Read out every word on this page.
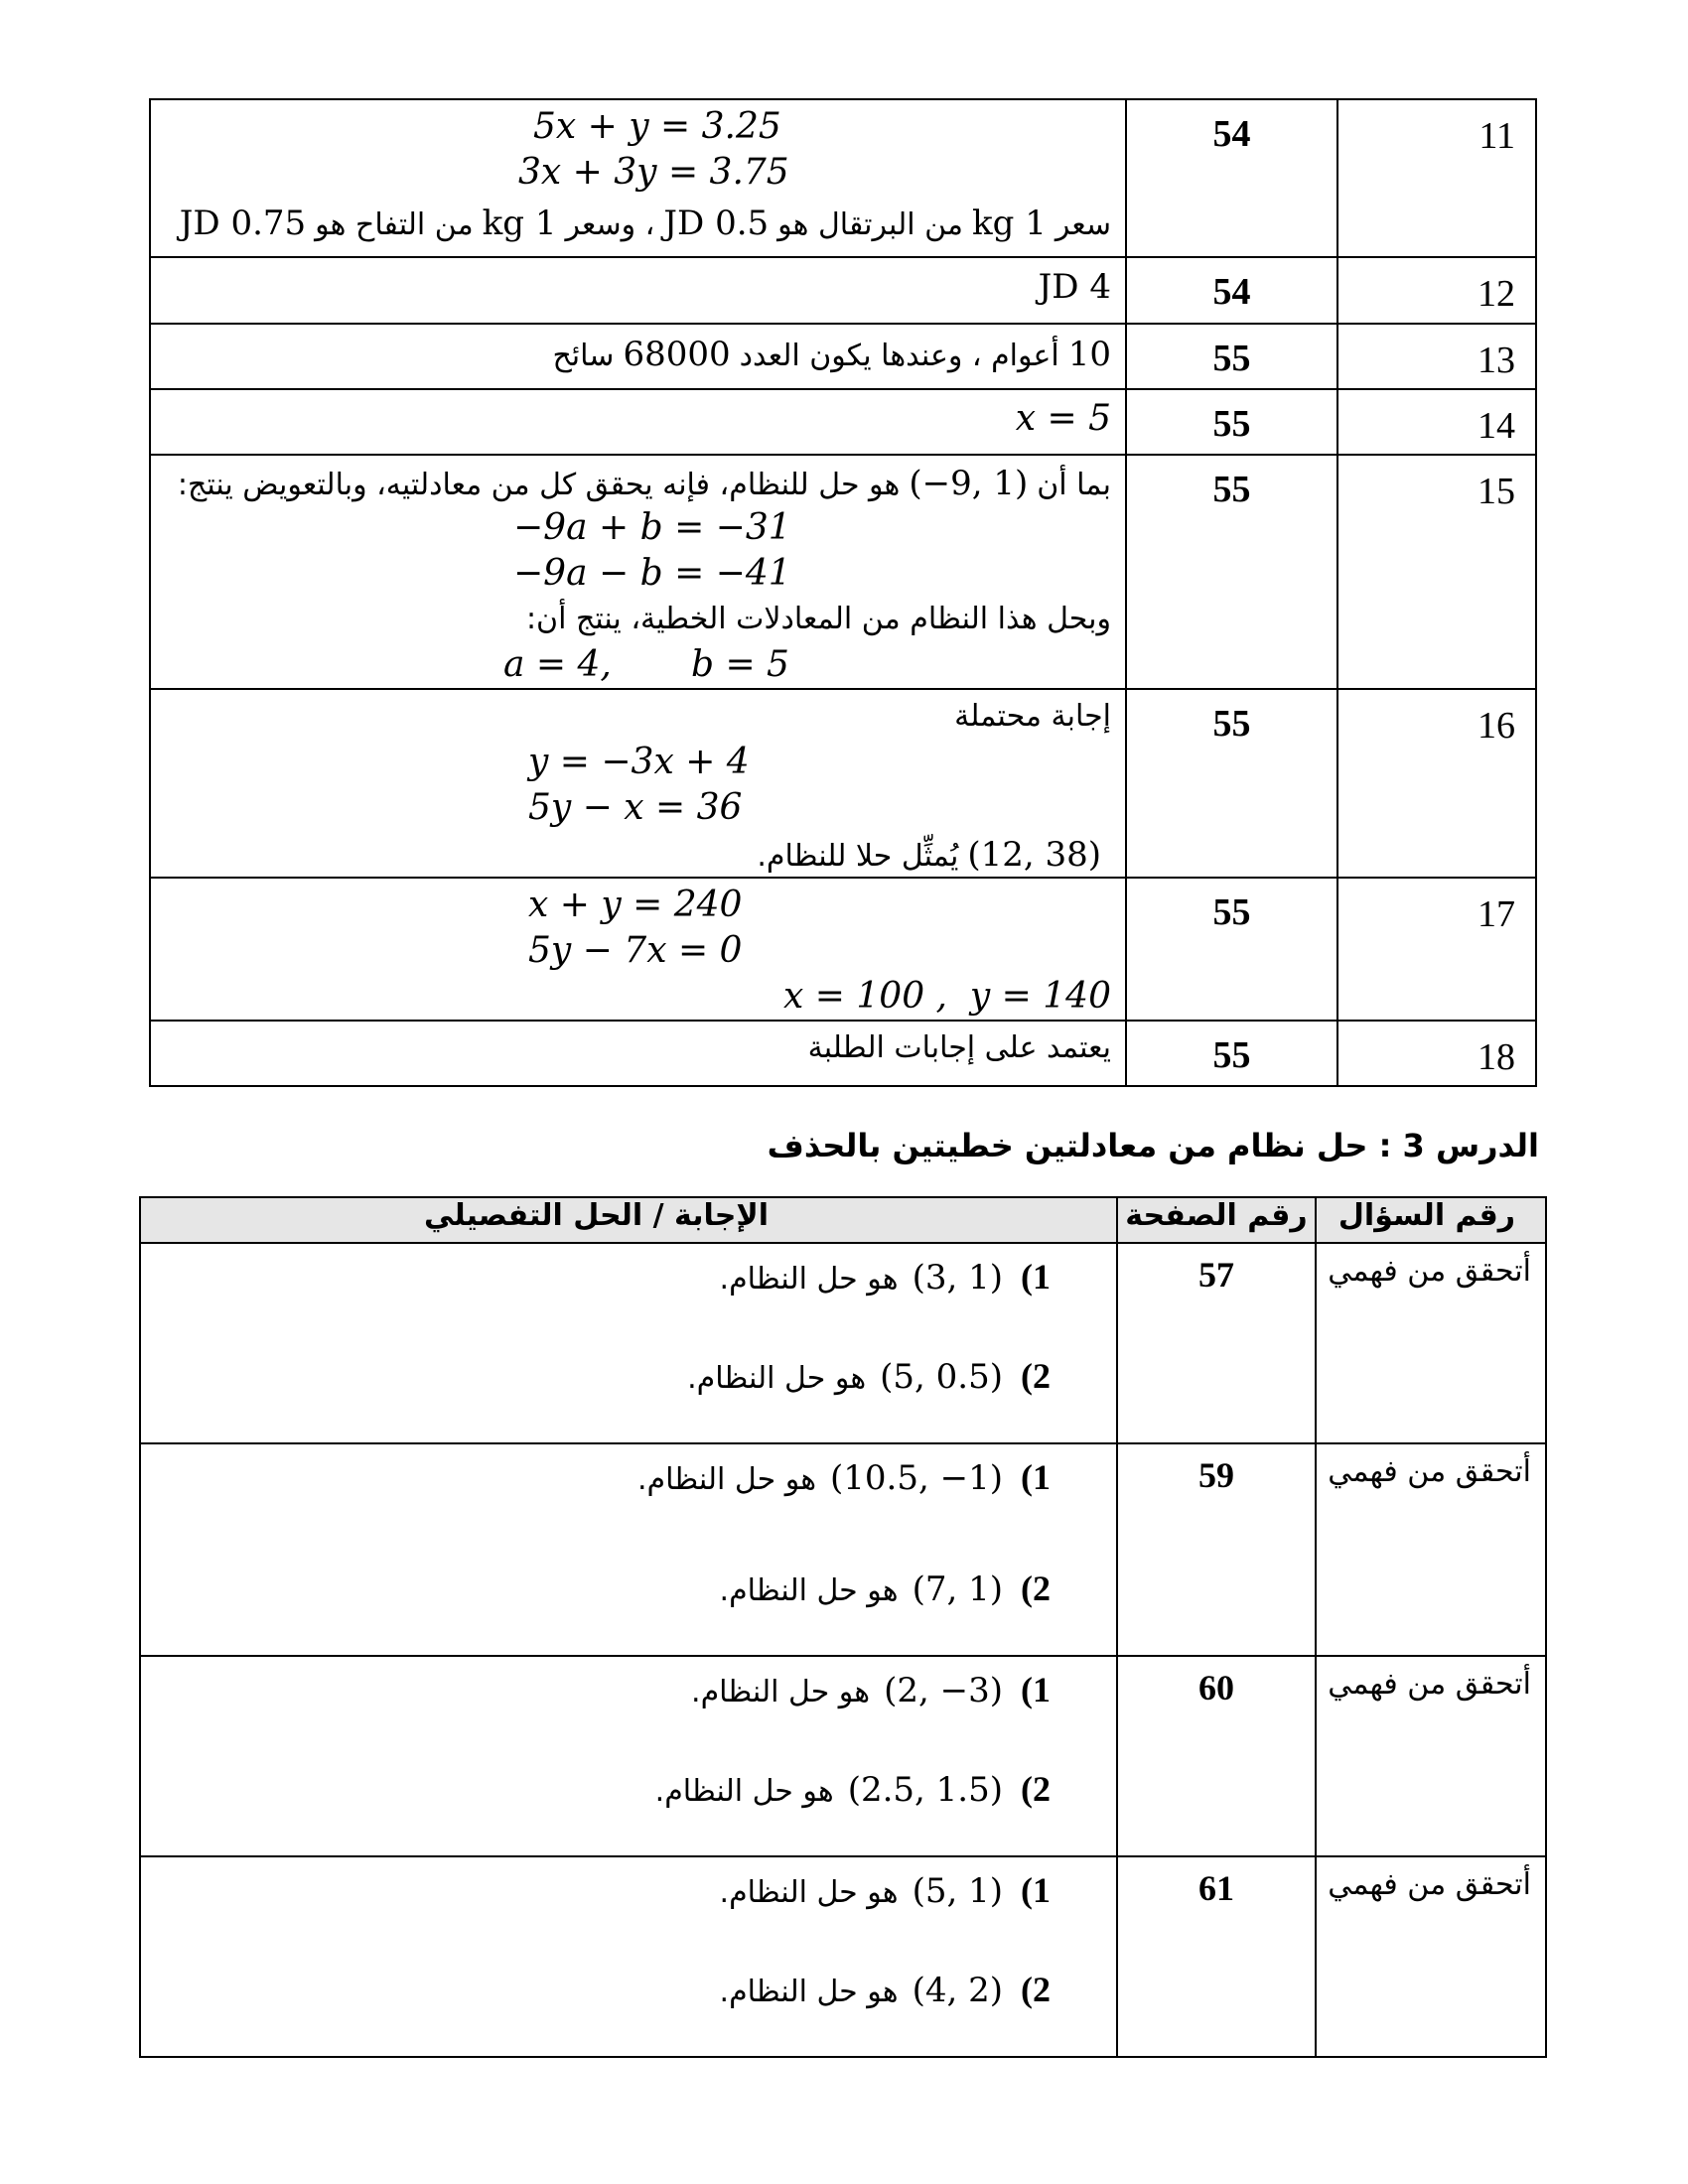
11	54	5x + y = 3.25
3x + 3y = 3.75
سعر 1 kg من البرتقال هو 0.5 JD ، وسعر 1 kg من التفاح هو 0.75 JD

12	54	4 JD

13	55	10 أعوام ، وعندها يكون العدد 68000 سائح

14	55	x = 5

15	55	بما أن (−9, 1) هو حل للنظام، فإنه يحقق كل من معادلتيه، وبالتعويض ينتج:
−9a + b = −31
−9a − b = −41
وبحل هذا النظام من المعادلات الخطية، ينتج أن:
a = 4,       b = 5

16	55	إجابة محتملة
y = −3x + 4
5y − x = 36
(12, 38) يُمثِّل حلا للنظام.

17	55	x + y = 240
5y − 7x = 0
x = 100 ,  y = 140

18	55	يعتمد على إجابات الطلبة
الدرس 3 : حل نظام من معادلتين خطيتين بالحذف
رقم السؤال	رقم الصفحة	الإجابة / الحل التفصيلي
أتحقق من فهمي	57	1)(3, 1)هو حل النظام.
2)(5, 0.5)هو حل النظام.

أتحقق من فهمي	59	1)(10.5, −1)هو حل النظام.
2)(7, 1)هو حل النظام.

أتحقق من فهمي	60	1)(2, −3)هو حل النظام.
2)(2.5, 1.5)هو حل النظام.

أتحقق من فهمي	61	1)(5, 1)هو حل النظام.
2)(4, 2)هو حل النظام.
